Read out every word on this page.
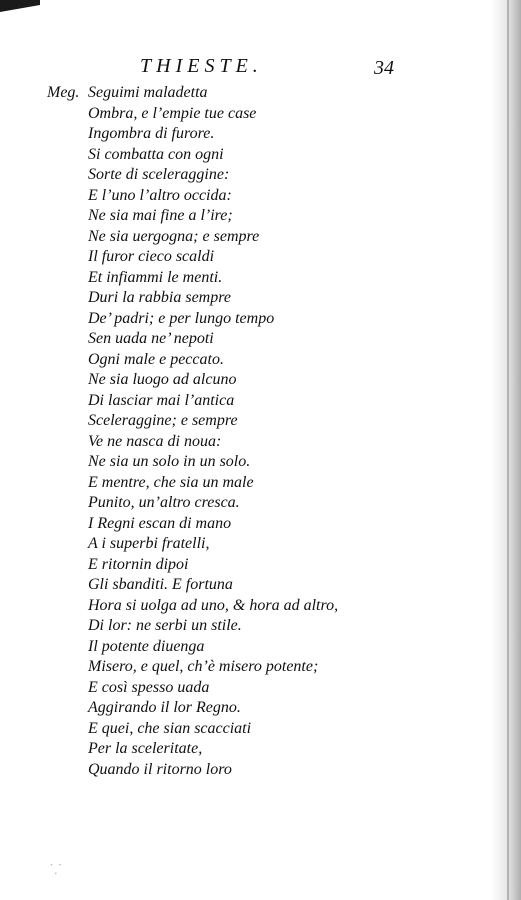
THIESTE.	34
Meg. Seguimi maladetta
Ombra, e l’empie tue case
Ingombra di furore.
Si combatta con ogni
Sorte di sceleraggine:
E l’uno l’altro occida:
Ne sia mai fine a l’ire;
Ne sia uergogna; e sempre
Il furor cieco scaldi
Et infiammi le menti.
Duri la rabbia sempre
De’ padri; e per lungo tempo
Sen uada ne’ nepoti
Ogni male e peccato.
Ne sia luogo ad alcuno
Di lasciar mai l’antica
Sceleraggine; e sempre
Ve ne nasca di noua:
Ne sia un solo in un solo.
E mentre, che sia un male
Punito, un’altro cresca.
I Regni escan di mano
A i superbi fratelli,
E ritornin dipoi
Gli sbanditi. E fortuna
Hora si uolga ad uno, & hora ad altro,
Di lor: ne serbi un stile.
Il potente diuenga
Misero, e quel, ch’è misero potente;
E così spesso uada
Aggirando il lor Regno.
E quei, che sian scacciati
Per la sceleritate,
Quando il ritorno loro
⸪
